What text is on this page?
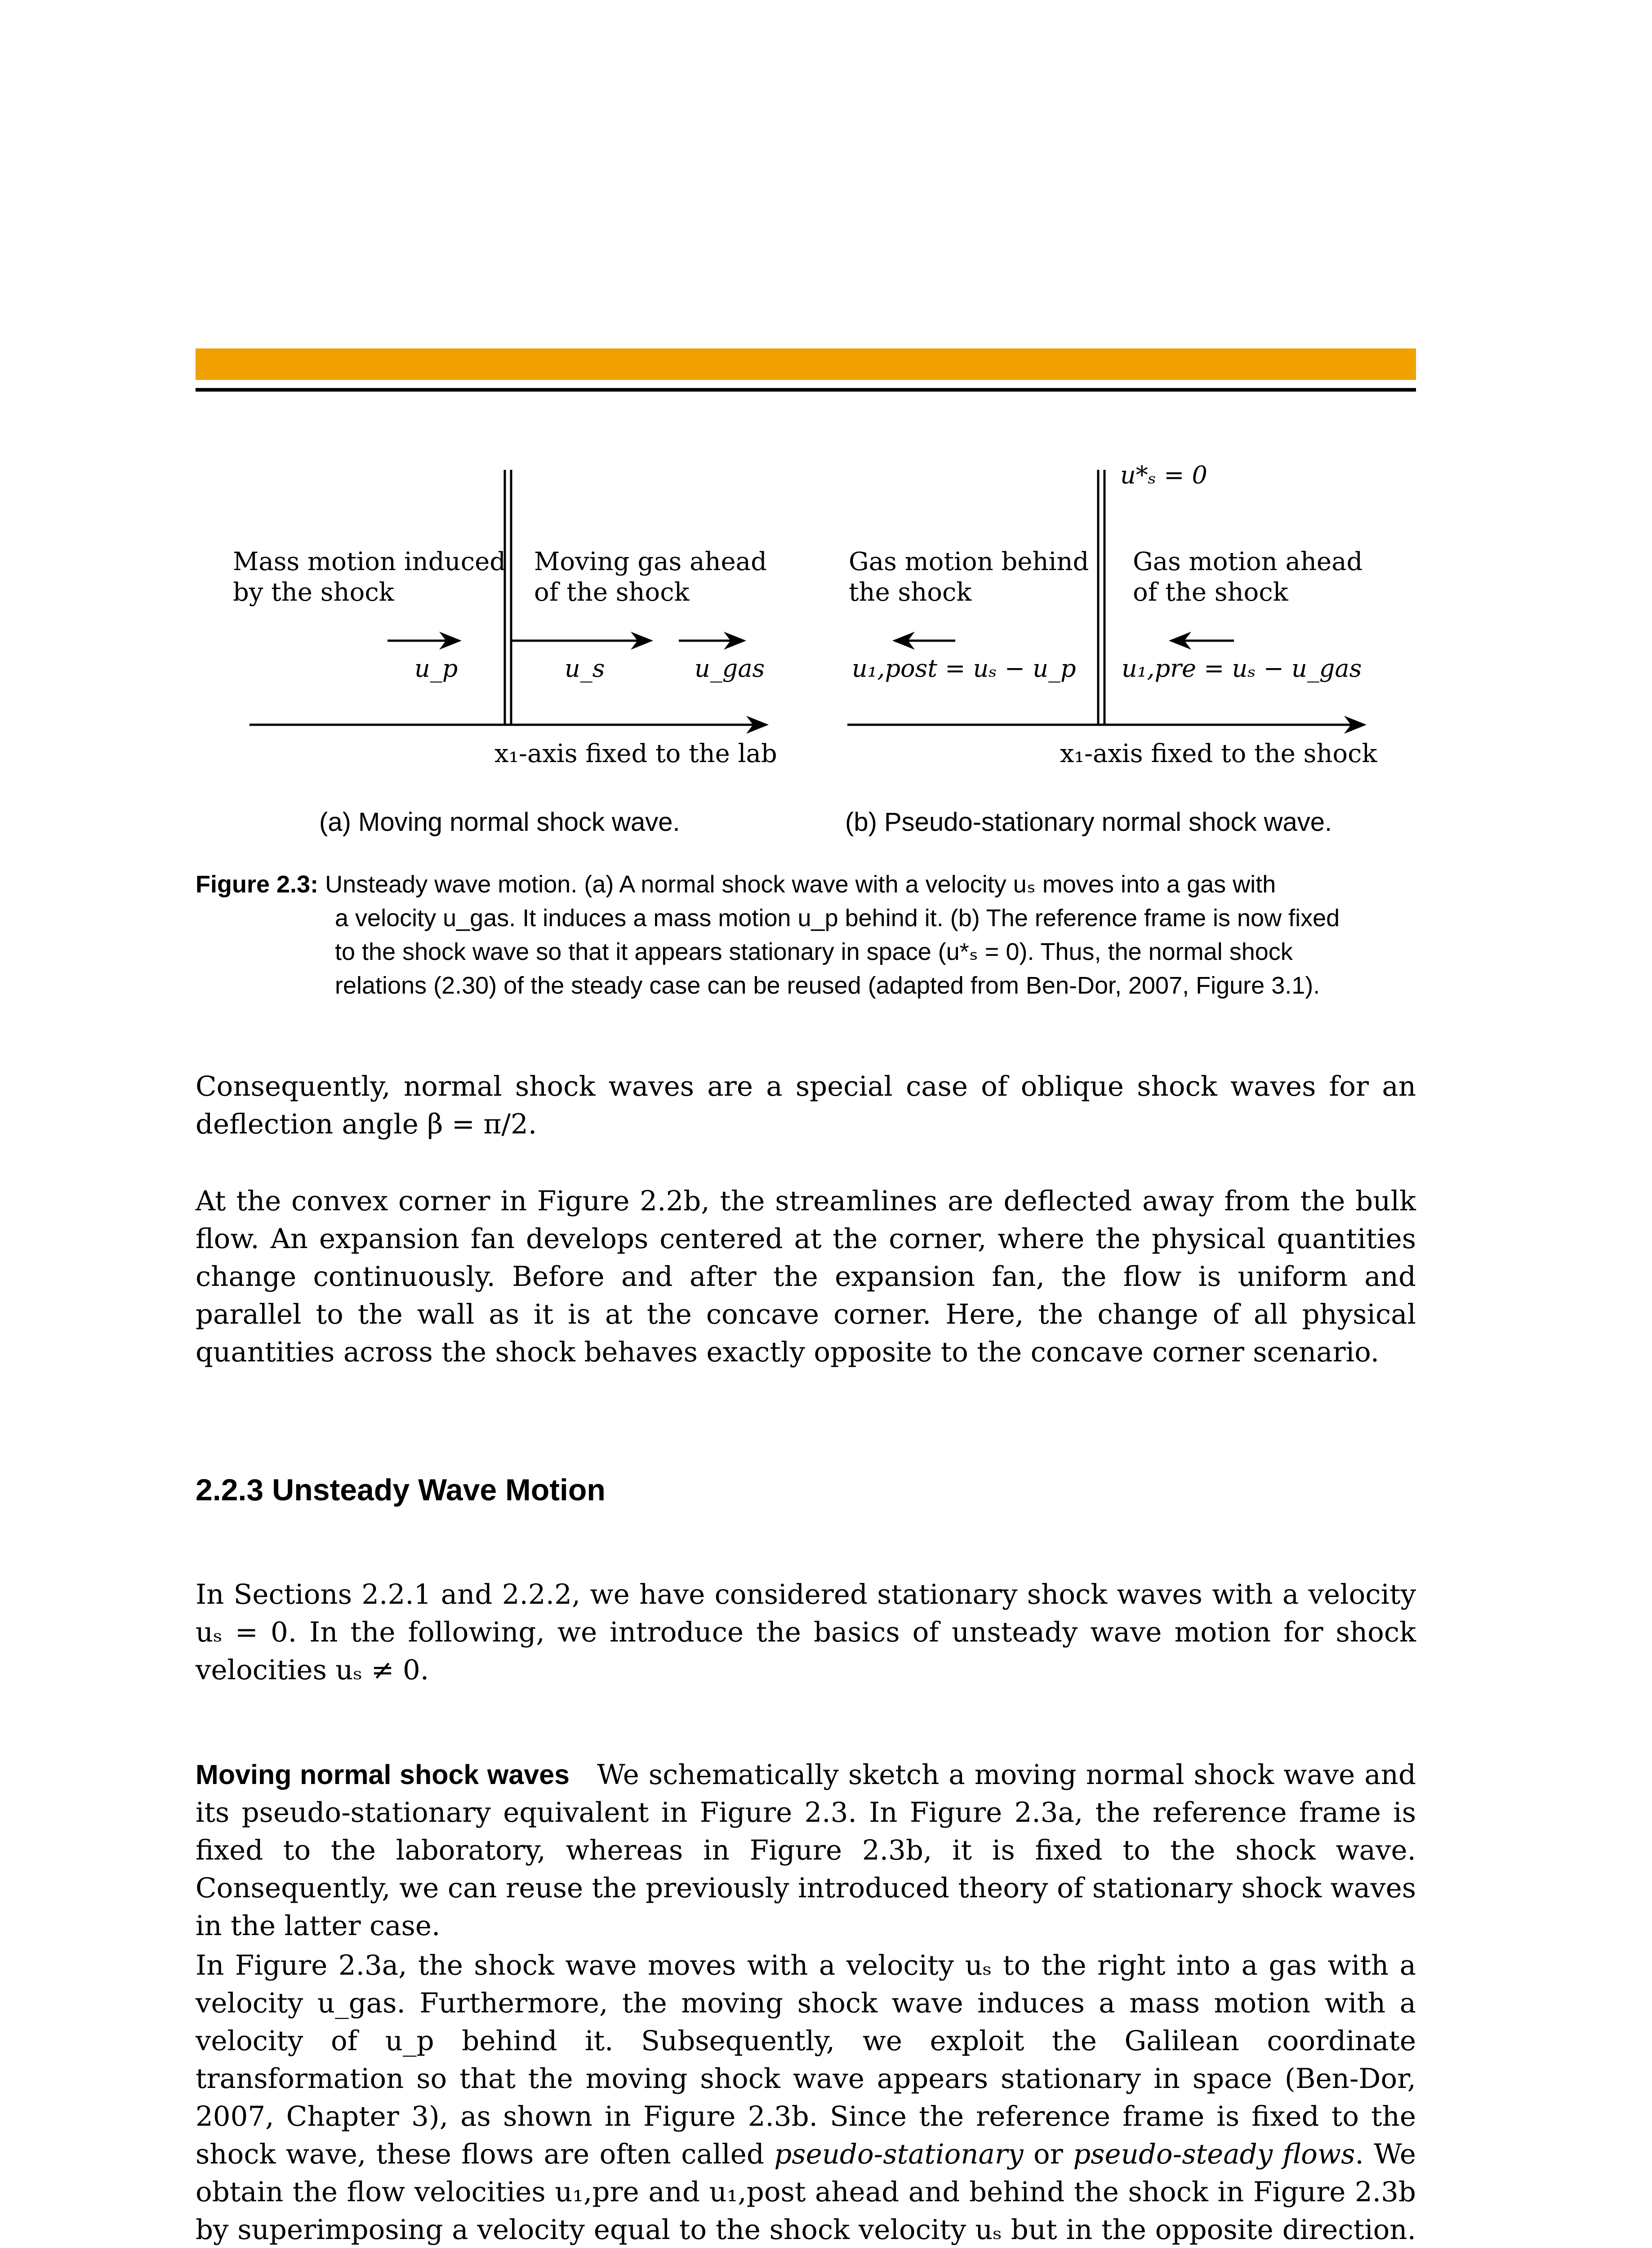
Mass motion induced
by the shock
Moving gas ahead
of the shock
u_p	u_s	u_gas
x₁-axis fixed to the lab
u*ₛ = 0
Gas motion behind
the shock
Gas motion ahead
of the shock
u₁,post = uₛ − u_p u₁,pre = uₛ − u_gas
x₁-axis fixed to the shock
(a) Moving normal shock wave.	(b) Pseudo-stationary normal shock wave.
Figure 2.3: Unsteady wave motion. (a) A normal shock wave with a velocity uₛ moves into a gas with
a velocity u_gas. It induces a mass motion u_p behind it. (b) The reference frame is now fixed
to the shock wave so that it appears stationary in space (u*ₛ = 0). Thus, the normal shock
relations (2.30) of the steady case can be reused (adapted from Ben-Dor, 2007, Figure 3.1).

Consequently, normal shock waves are a special case of oblique shock waves for an deflection angle β = π/2.

At the convex corner in Figure 2.2b, the streamlines are deflected away from the bulk flow. An expansion fan develops centered at the corner, where the physical quantities change continuously. Before and after the expansion fan, the flow is uniform and parallel to the wall as it is at the concave corner. Here, the change of all physical quantities across the shock behaves exactly opposite to the concave corner scenario.

2.2.3 Unsteady Wave Motion

In Sections 2.2.1 and 2.2.2, we have considered stationary shock waves with a velocity uₛ = 0. In the following, we introduce the basics of unsteady wave motion for shock velocities uₛ ≠ 0.

Moving normal shock waves  We schematically sketch a moving normal shock wave and its pseudo-stationary equivalent in Figure 2.3. In Figure 2.3a, the reference frame is fixed to the laboratory, whereas in Figure 2.3b, it is fixed to the shock wave. Consequently, we can reuse the previously introduced theory of stationary shock waves in the latter case.

In Figure 2.3a, the shock wave moves with a velocity uₛ to the right into a gas with a velocity u_gas. Furthermore, the moving shock wave induces a mass motion with a velocity of u_p behind it. Subsequently, we exploit the Galilean coordinate transformation so that the moving shock wave appears stationary in space (Ben-Dor, 2007, Chapter 3), as shown in Figure 2.3b. Since the reference frame is fixed to the shock wave, these flows are often called pseudo-stationary or pseudo-steady flows. We obtain the flow velocities u₁,pre and u₁,post ahead and behind the shock in Figure 2.3b by superimposing a velocity equal to the shock velocity uₛ but in the opposite direction.
